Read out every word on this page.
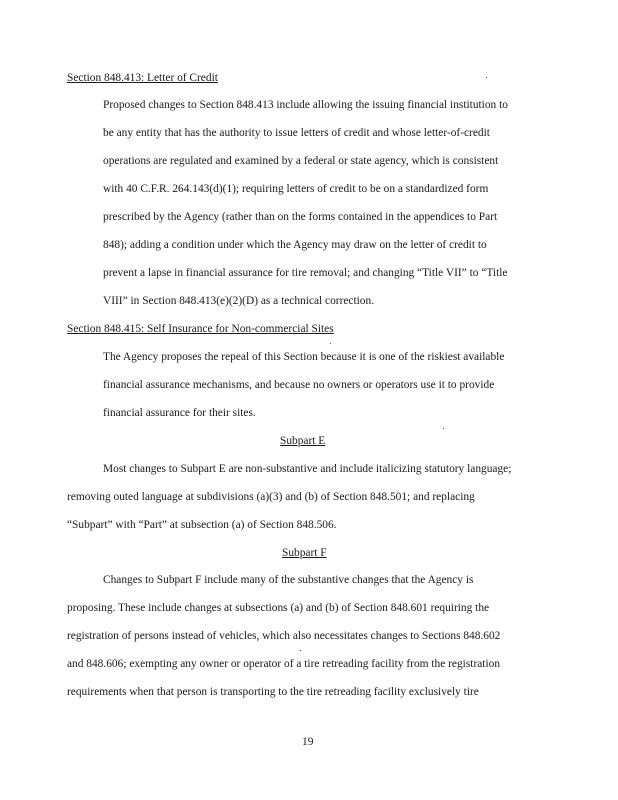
Section 848.413: Letter of Credit
Proposed changes to Section 848.413 include allowing the issuing financial institution to
be any entity that has the authority to issue letters of credit and whose letter-of-credit
operations are regulated and examined by a federal or state agency, which is consistent
with 40 C.F.R. 264.143(d)(1); requiring letters of credit to be on a standardized form
prescribed by the Agency (rather than on the forms contained in the appendices to Part
848); adding a condition under which the Agency may draw on the letter of credit to
prevent a lapse in financial assurance for tire removal; and changing “Title VII” to “Title
VIII” in Section 848.413(e)(2)(D) as a technical correction.
Section 848.415: Self Insurance for Non-commercial Sites
The Agency proposes the repeal of this Section because it is one of the riskiest available
financial assurance mechanisms, and because no owners or operators use it to provide
financial assurance for their sites.
Subpart E
Most changes to Subpart E are non-substantive and include italicizing statutory language;
removing outed language at subdivisions (a)(3) and (b) of Section 848.501; and replacing
“Subpart” with “Part” at subsection (a) of Section 848.506.
Subpart F
Changes to Subpart F include many of the substantive changes that the Agency is
proposing. These include changes at subsections (a) and (b) of Section 848.601 requiring the
registration of persons instead of vehicles, which also necessitates changes to Sections 848.602
and 848.606; exempting any owner or operator of a tire retreading facility from the registration
requirements when that person is transporting to the tire retreading facility exclusively tire
19
